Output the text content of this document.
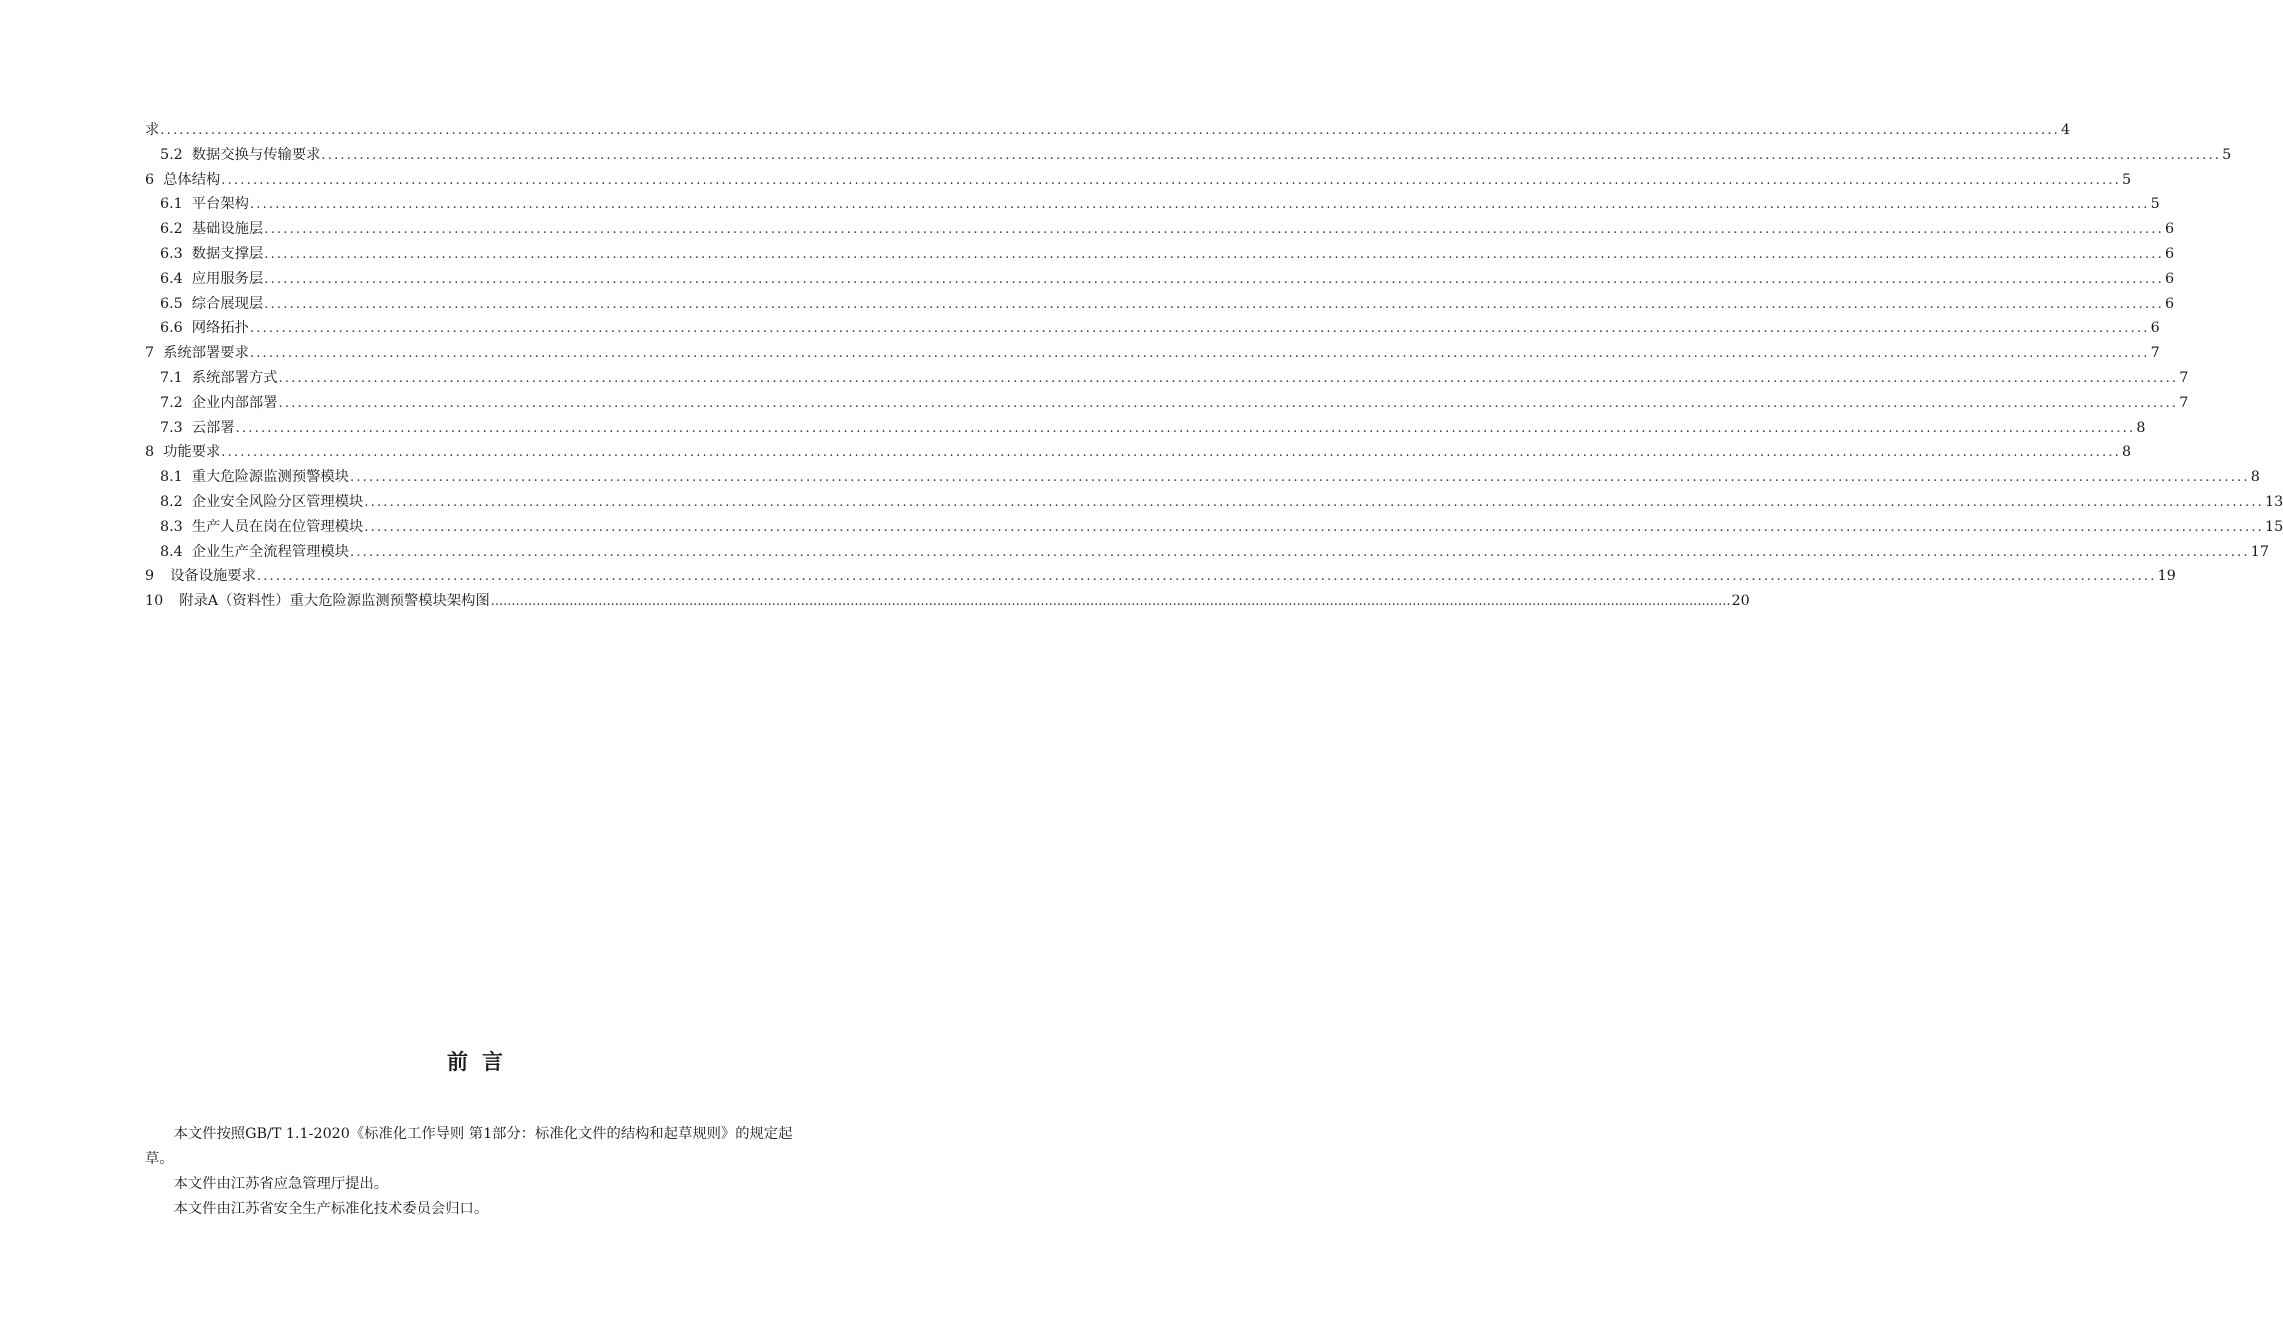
求 ............................................................................................................................................................................................................................................................................................................ 4
5.2 数据交换与传输要求 ............................................................................................................................................................................................................................................................................................................ 5
6 总体结构 ............................................................................................................................................................................................................................................................................................................ 5
6.1 平台架构 ............................................................................................................................................................................................................................................................................................................ 5
6.2 基础设施层 ............................................................................................................................................................................................................................................................................................................ 6
6.3 数据支撑层 ............................................................................................................................................................................................................................................................................................................ 6
6.4 应用服务层 ............................................................................................................................................................................................................................................................................................................ 6
6.5 综合展现层 ............................................................................................................................................................................................................................................................................................................ 6
6.6 网络拓扑 ............................................................................................................................................................................................................................................................................................................ 6
7 系统部署要求 ............................................................................................................................................................................................................................................................................................................ 7
7.1 系统部署方式 ............................................................................................................................................................................................................................................................................................................ 7
7.2 企业内部部署 ............................................................................................................................................................................................................................................................................................................ 7
7.3 云部署 ............................................................................................................................................................................................................................................................................................................ 8
8 功能要求 ............................................................................................................................................................................................................................................................................................................ 8
8.1 重大危险源监测预警模块 ............................................................................................................................................................................................................................................................................................................ 8
8.2 企业安全风险分区管理模块 ............................................................................................................................................................................................................................................................................................................ 13
8.3 生产人员在岗在位管理模块 ............................................................................................................................................................................................................................................................................................................ 15
8.4 企业生产全流程管理模块 ............................................................................................................................................................................................................................................................................................................ 17
9 设备设施要求 ............................................................................................................................................................................................................................................................................................................ 19
10 附录A（资料性）重大危险源监测预警模块架构图 ............................................................................................................................................................................................................................................................................................................ 20
前言

本文件按照GB/T 1.1-2020《标准化工作导则 第1部分：标准化文件的结构和起草规则》的规定起草。

本文件由江苏省应急管理厅提出。

本文件由江苏省安全生产标准化技术委员会归口。
